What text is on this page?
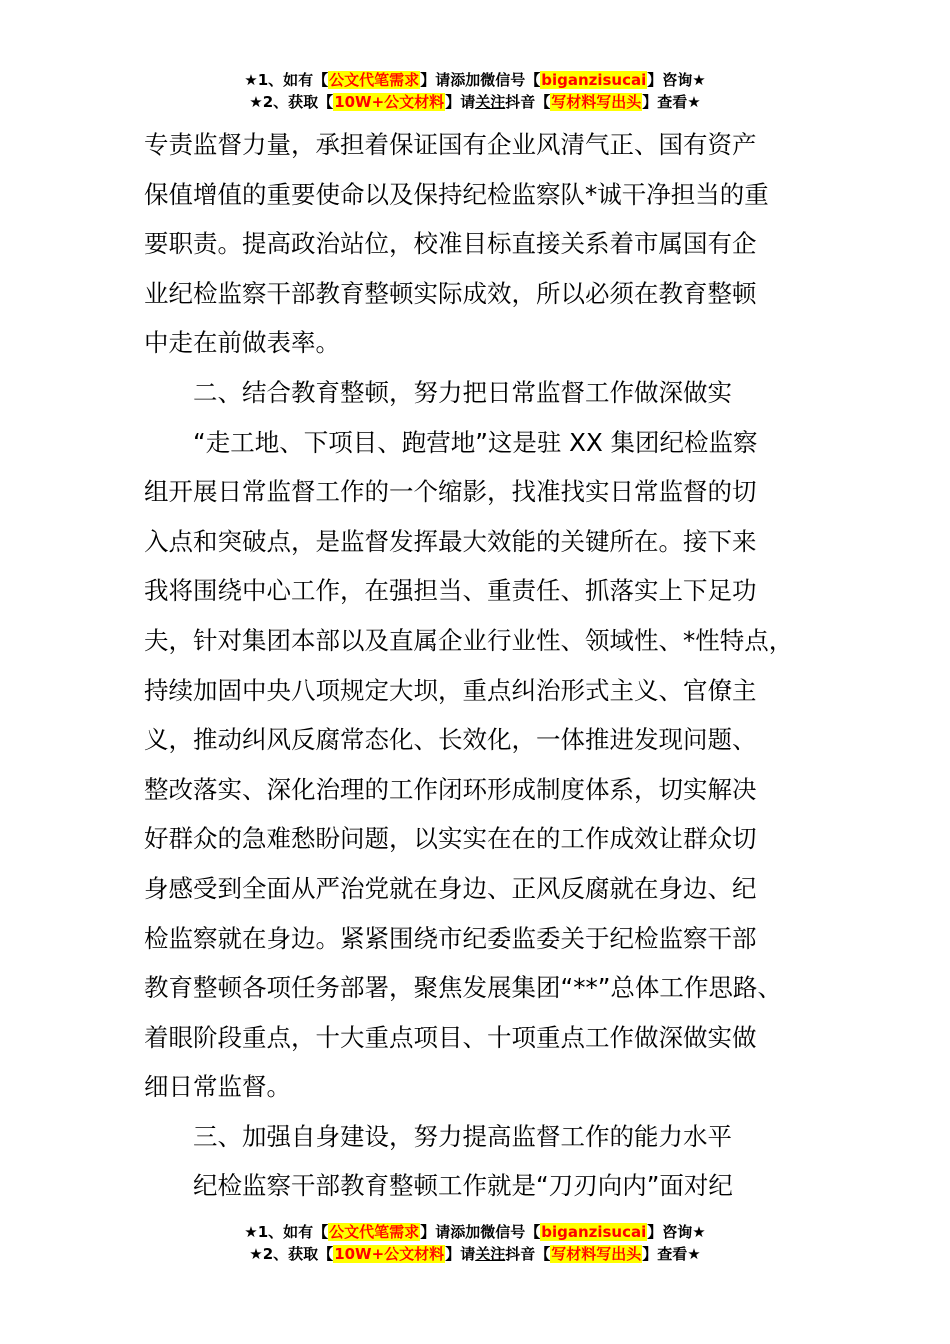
★1、如有【公文代笔需求】请添加微信号【biganzisucai】咨询★
★2、获取【10W+公文材料】请关注抖音【写材料写出头】查看★

专责监督力量，承担着保证国有企业风清气正、国有资产

保值增值的重要使命以及保持纪检监察队*诚干净担当的重

要职责。提高政治站位，校准目标直接关系着市属国有企

业纪检监察干部教育整顿实际成效，所以必须在教育整顿

中走在前做表率。

二、结合教育整顿，努力把日常监督工作做深做实

“走工地、下项目、跑营地”这是驻 XX 集团纪检监察

组开展日常监督工作的一个缩影，找准找实日常监督的切

入点和突破点，是监督发挥最大效能的关键所在。接下来

我将围绕中心工作，在强担当、重责任、抓落实上下足功

夫，针对集团本部以及直属企业行业性、领域性、*性特点，

持续加固中央八项规定大坝，重点纠治形式主义、官僚主

义，推动纠风反腐常态化、长效化，一体推进发现问题、

整改落实、深化治理的工作闭环形成制度体系，切实解决

好群众的急难愁盼问题，以实实在在的工作成效让群众切

身感受到全面从严治党就在身边、正风反腐就在身边、纪

检监察就在身边。紧紧围绕市纪委监委关于纪检监察干部

教育整顿各项任务部署，聚焦发展集团“**”总体工作思路、

着眼阶段重点，十大重点项目、十项重点工作做深做实做

细日常监督。

三、加强自身建设，努力提高监督工作的能力水平

纪检监察干部教育整顿工作就是“刀刃向内”面对纪

★1、如有【公文代笔需求】请添加微信号【biganzisucai】咨询★
★2、获取【10W+公文材料】请关注抖音【写材料写出头】查看★
